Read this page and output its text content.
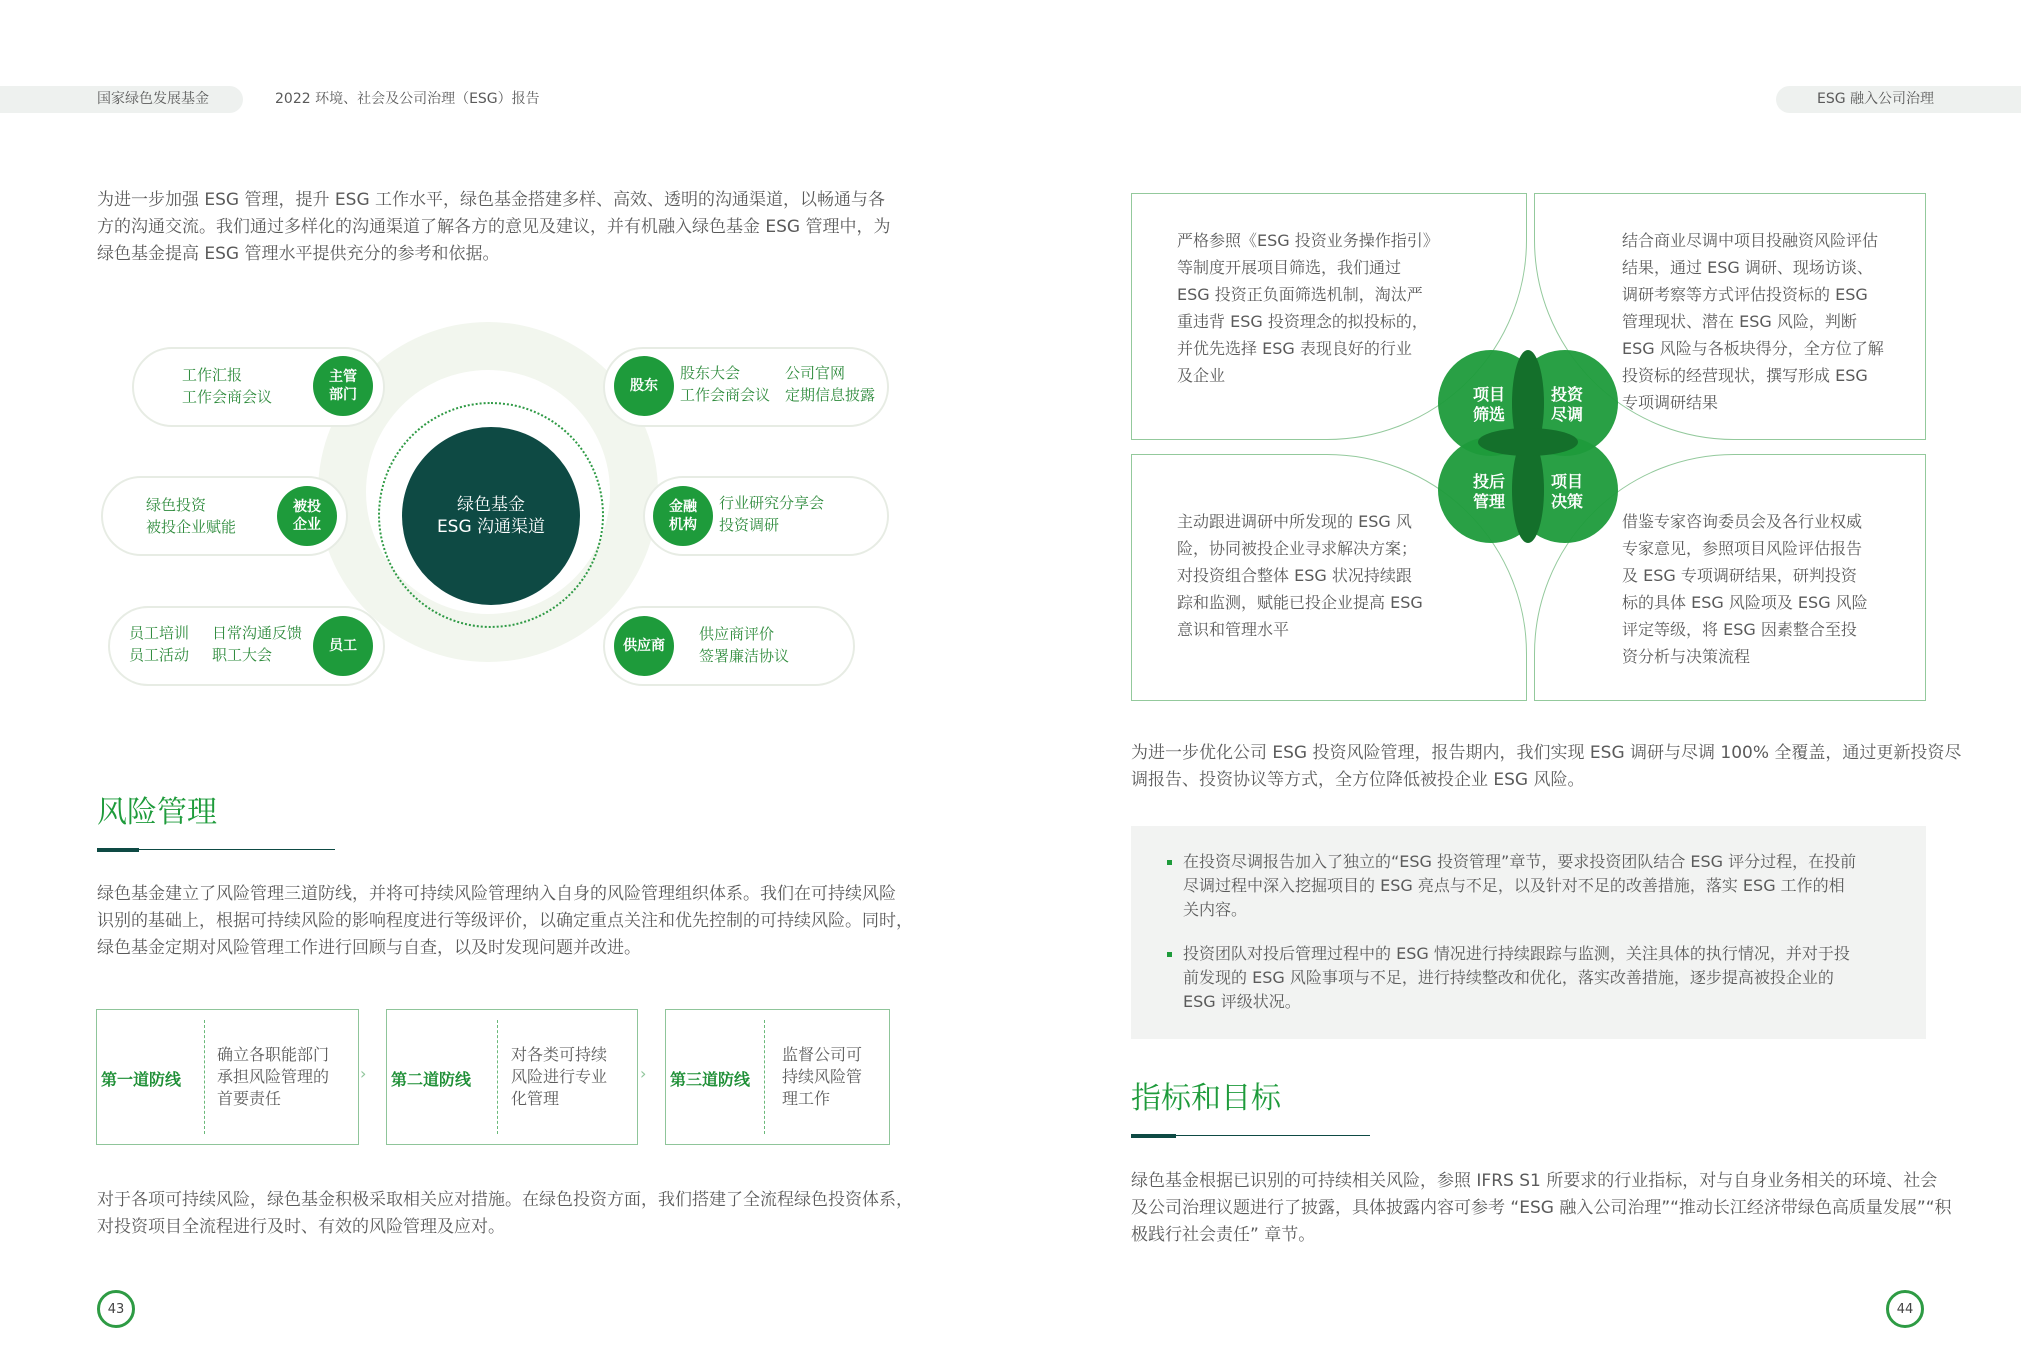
国家绿色发展基金	2022 环境、社会及公司治理（ESG）报告	ESG 融入公司治理
为进一步加强 ESG 管理，提升 ESG 工作水平，绿色基金搭建多样、高效、透明的沟通渠道，以畅通与各
方的沟通交流。我们通过多样化的沟通渠道了解各方的意见及建议，并有机融入绿色基金 ESG 管理中，为
绿色基金提高 ESG 管理水平提供充分的参考和依据。
绿色基金
ESG 沟通渠道
工作汇报
工作会商会议
主管
部门
股东
股东大会
工作会商会议
公司官网
定期信息披露
绿色投资
被投企业赋能
被投
企业
金融
机构
行业研究分享会
投资调研
员工培训
员工活动
日常沟通反馈
职工大会	员工	供应商
供应商评价
签署廉洁协议
风险管理
绿色基金建立了风险管理三道防线，并将可持续风险管理纳入自身的风险管理组织体系。我们在可持续风险
识别的基础上，根据可持续风险的影响程度进行等级评价，以确定重点关注和优先控制的可持续风险。同时，
绿色基金定期对风险管理工作进行回顾与自查，以及时发现问题并改进。
第一道防线
确立各职能部门
承担风险管理的
首要责任
› 第二道防线
对各类可持续
风险进行专业
化管理
› 第三道防线
监督公司可
持续风险管
理工作
对于各项可持续风险，绿色基金积极采取相关应对措施。在绿色投资方面，我们搭建了全流程绿色投资体系，
对投资项目全流程进行及时、有效的风险管理及应对。
43
严格参照《ESG 投资业务操作指引》
等制度开展项目筛选，我们通过
ESG 投资正负面筛选机制，淘汰严
重违背 ESG 投资理念的拟投标的，
并优先选择 ESG 表现良好的行业
及企业
结合商业尽调中项目投融资风险评估
结果，通过 ESG 调研、现场访谈、
调研考察等方式评估投资标的 ESG
管理现状、潜在 ESG 风险，判断
ESG 风险与各板块得分，全方位了解
投资标的经营现状，撰写形成 ESG
专项调研结果
主动跟进调研中所发现的 ESG 风
险，协同被投企业寻求解决方案；
对投资组合整体 ESG 状况持续跟
踪和监测，赋能已投企业提高 ESG
意识和管理水平
借鉴专家咨询委员会及各行业权威
专家意见，参照项目风险评估报告
及 ESG 专项调研结果，研判投资
标的具体 ESG 风险项及 ESG 风险
评定等级，将 ESG 因素整合至投
资分析与决策流程
项目
筛选
投资
尽调
投后
管理
项目
决策
为进一步优化公司 ESG 投资风险管理，报告期内，我们实现 ESG 调研与尽调 100% 全覆盖，通过更新投资尽
调报告、投资协议等方式，全方位降低被投企业 ESG 风险。
在投资尽调报告加入了独立的“ESG 投资管理”章节，要求投资团队结合 ESG 评分过程，在投前
尽调过程中深入挖掘项目的 ESG 亮点与不足，以及针对不足的改善措施，落实 ESG 工作的相
关内容。
投资团队对投后管理过程中的 ESG 情况进行持续跟踪与监测，关注具体的执行情况，并对于投
前发现的 ESG 风险事项与不足，进行持续整改和优化，落实改善措施，逐步提高被投企业的
ESG 评级状况。
指标和目标
绿色基金根据已识别的可持续相关风险，参照 IFRS S1 所要求的行业指标，对与自身业务相关的环境、社会
及公司治理议题进行了披露，具体披露内容可参考 “ESG 融入公司治理”“推动长江经济带绿色高质量发展”“积
极践行社会责任” 章节。
44
